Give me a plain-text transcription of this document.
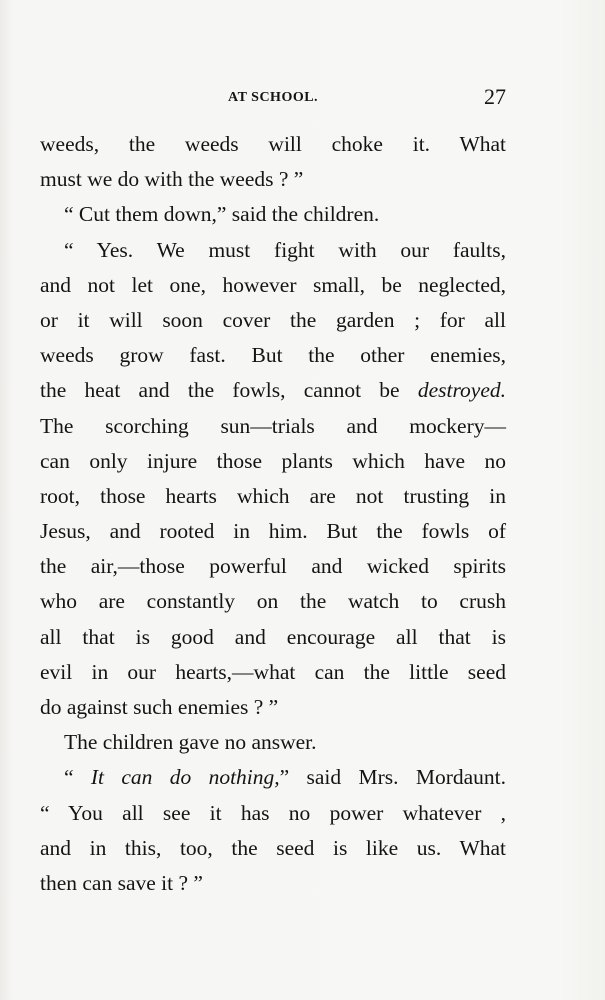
AT SCHOOL.	27
weeds, the weeds will choke it. What
must we do with the weeds ? ”
“ Cut them down,” said the children.
“ Yes. We must fight with our faults,
and not let one, however small, be neglected,
or it will soon cover the garden ; for all
weeds grow fast. But the other enemies,
the heat and the fowls, cannot be destroyed.
The scorching sun—trials and mockery—
can only injure those plants which have no
root, those hearts which are not trusting in
Jesus, and rooted in him. But the fowls of
the air,—those powerful and wicked spirits
who are constantly on the watch to crush
all that is good and encourage all that is
evil in our hearts,—what can the little seed
do against such enemies ? ”
The children gave no answer.
“ It can do nothing,” said Mrs. Mordaunt.
“ You all see it has no power whatever ,
and in this, too, the seed is like us. What
then can save it ? ”
